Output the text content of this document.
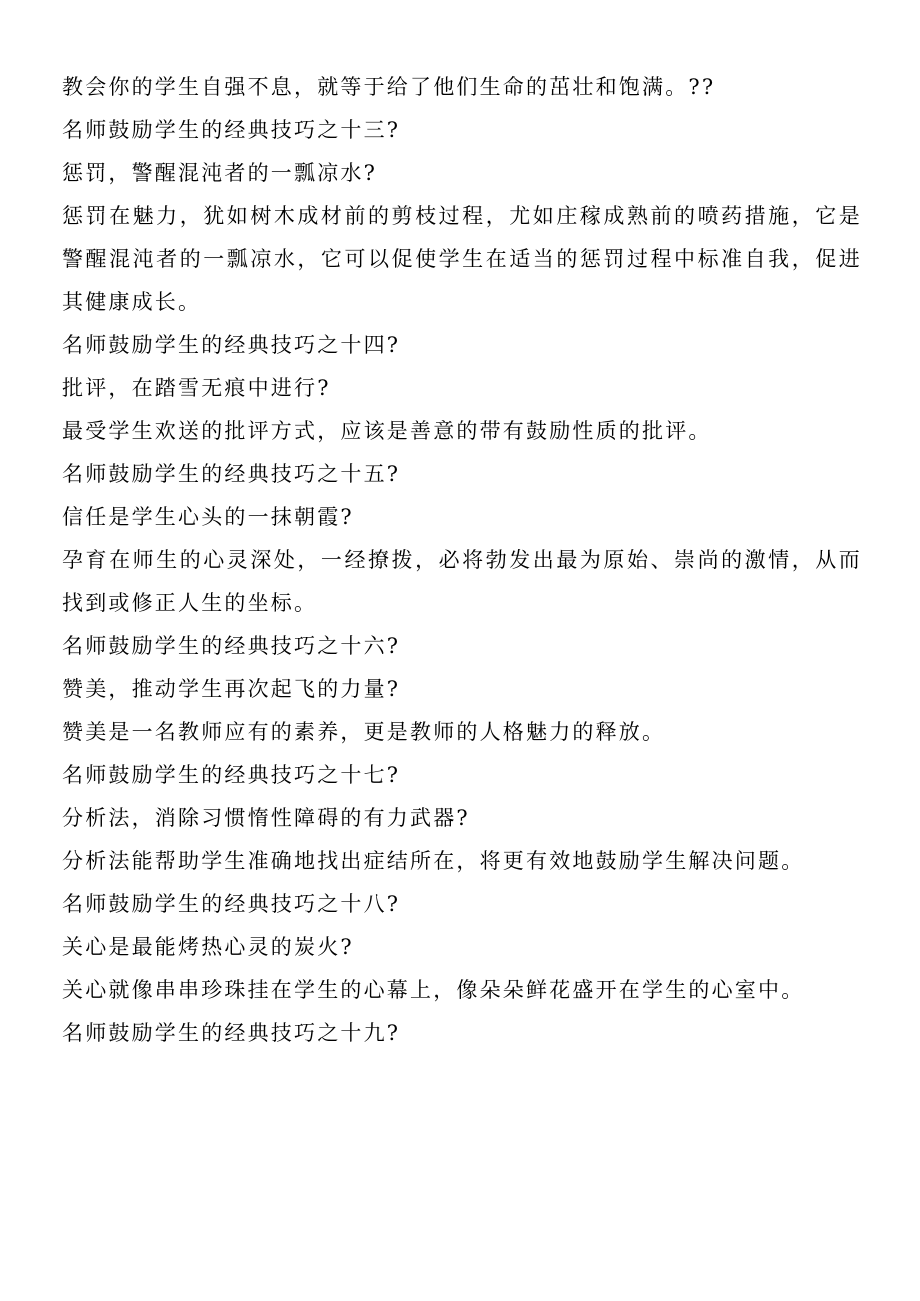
教会你的学生自强不息，就等于给了他们生命的茁壮和饱满。??

名师鼓励学生的经典技巧之十三?

惩罚，警醒混沌者的一瓢凉水?

惩罚在魅力，犹如树木成材前的剪枝过程，尤如庄稼成熟前的喷药措施，它是警醒混沌者的一瓢凉水，它可以促使学生在适当的惩罚过程中标准自我，促进其健康成长。

名师鼓励学生的经典技巧之十四?

批评，在踏雪无痕中进行?

最受学生欢送的批评方式，应该是善意的带有鼓励性质的批评。

名师鼓励学生的经典技巧之十五?

信任是学生心头的一抹朝霞?

孕育在师生的心灵深处，一经撩拨，必将勃发出最为原始、崇尚的激情，从而找到或修正人生的坐标。

名师鼓励学生的经典技巧之十六?

赞美，推动学生再次起飞的力量?

赞美是一名教师应有的素养，更是教师的人格魅力的释放。

名师鼓励学生的经典技巧之十七?

分析法，消除习惯惰性障碍的有力武器?

分析法能帮助学生准确地找出症结所在，将更有效地鼓励学生解决问题。

名师鼓励学生的经典技巧之十八?

关心是最能烤热心灵的炭火?

关心就像串串珍珠挂在学生的心幕上，像朵朵鲜花盛开在学生的心室中。

名师鼓励学生的经典技巧之十九?
